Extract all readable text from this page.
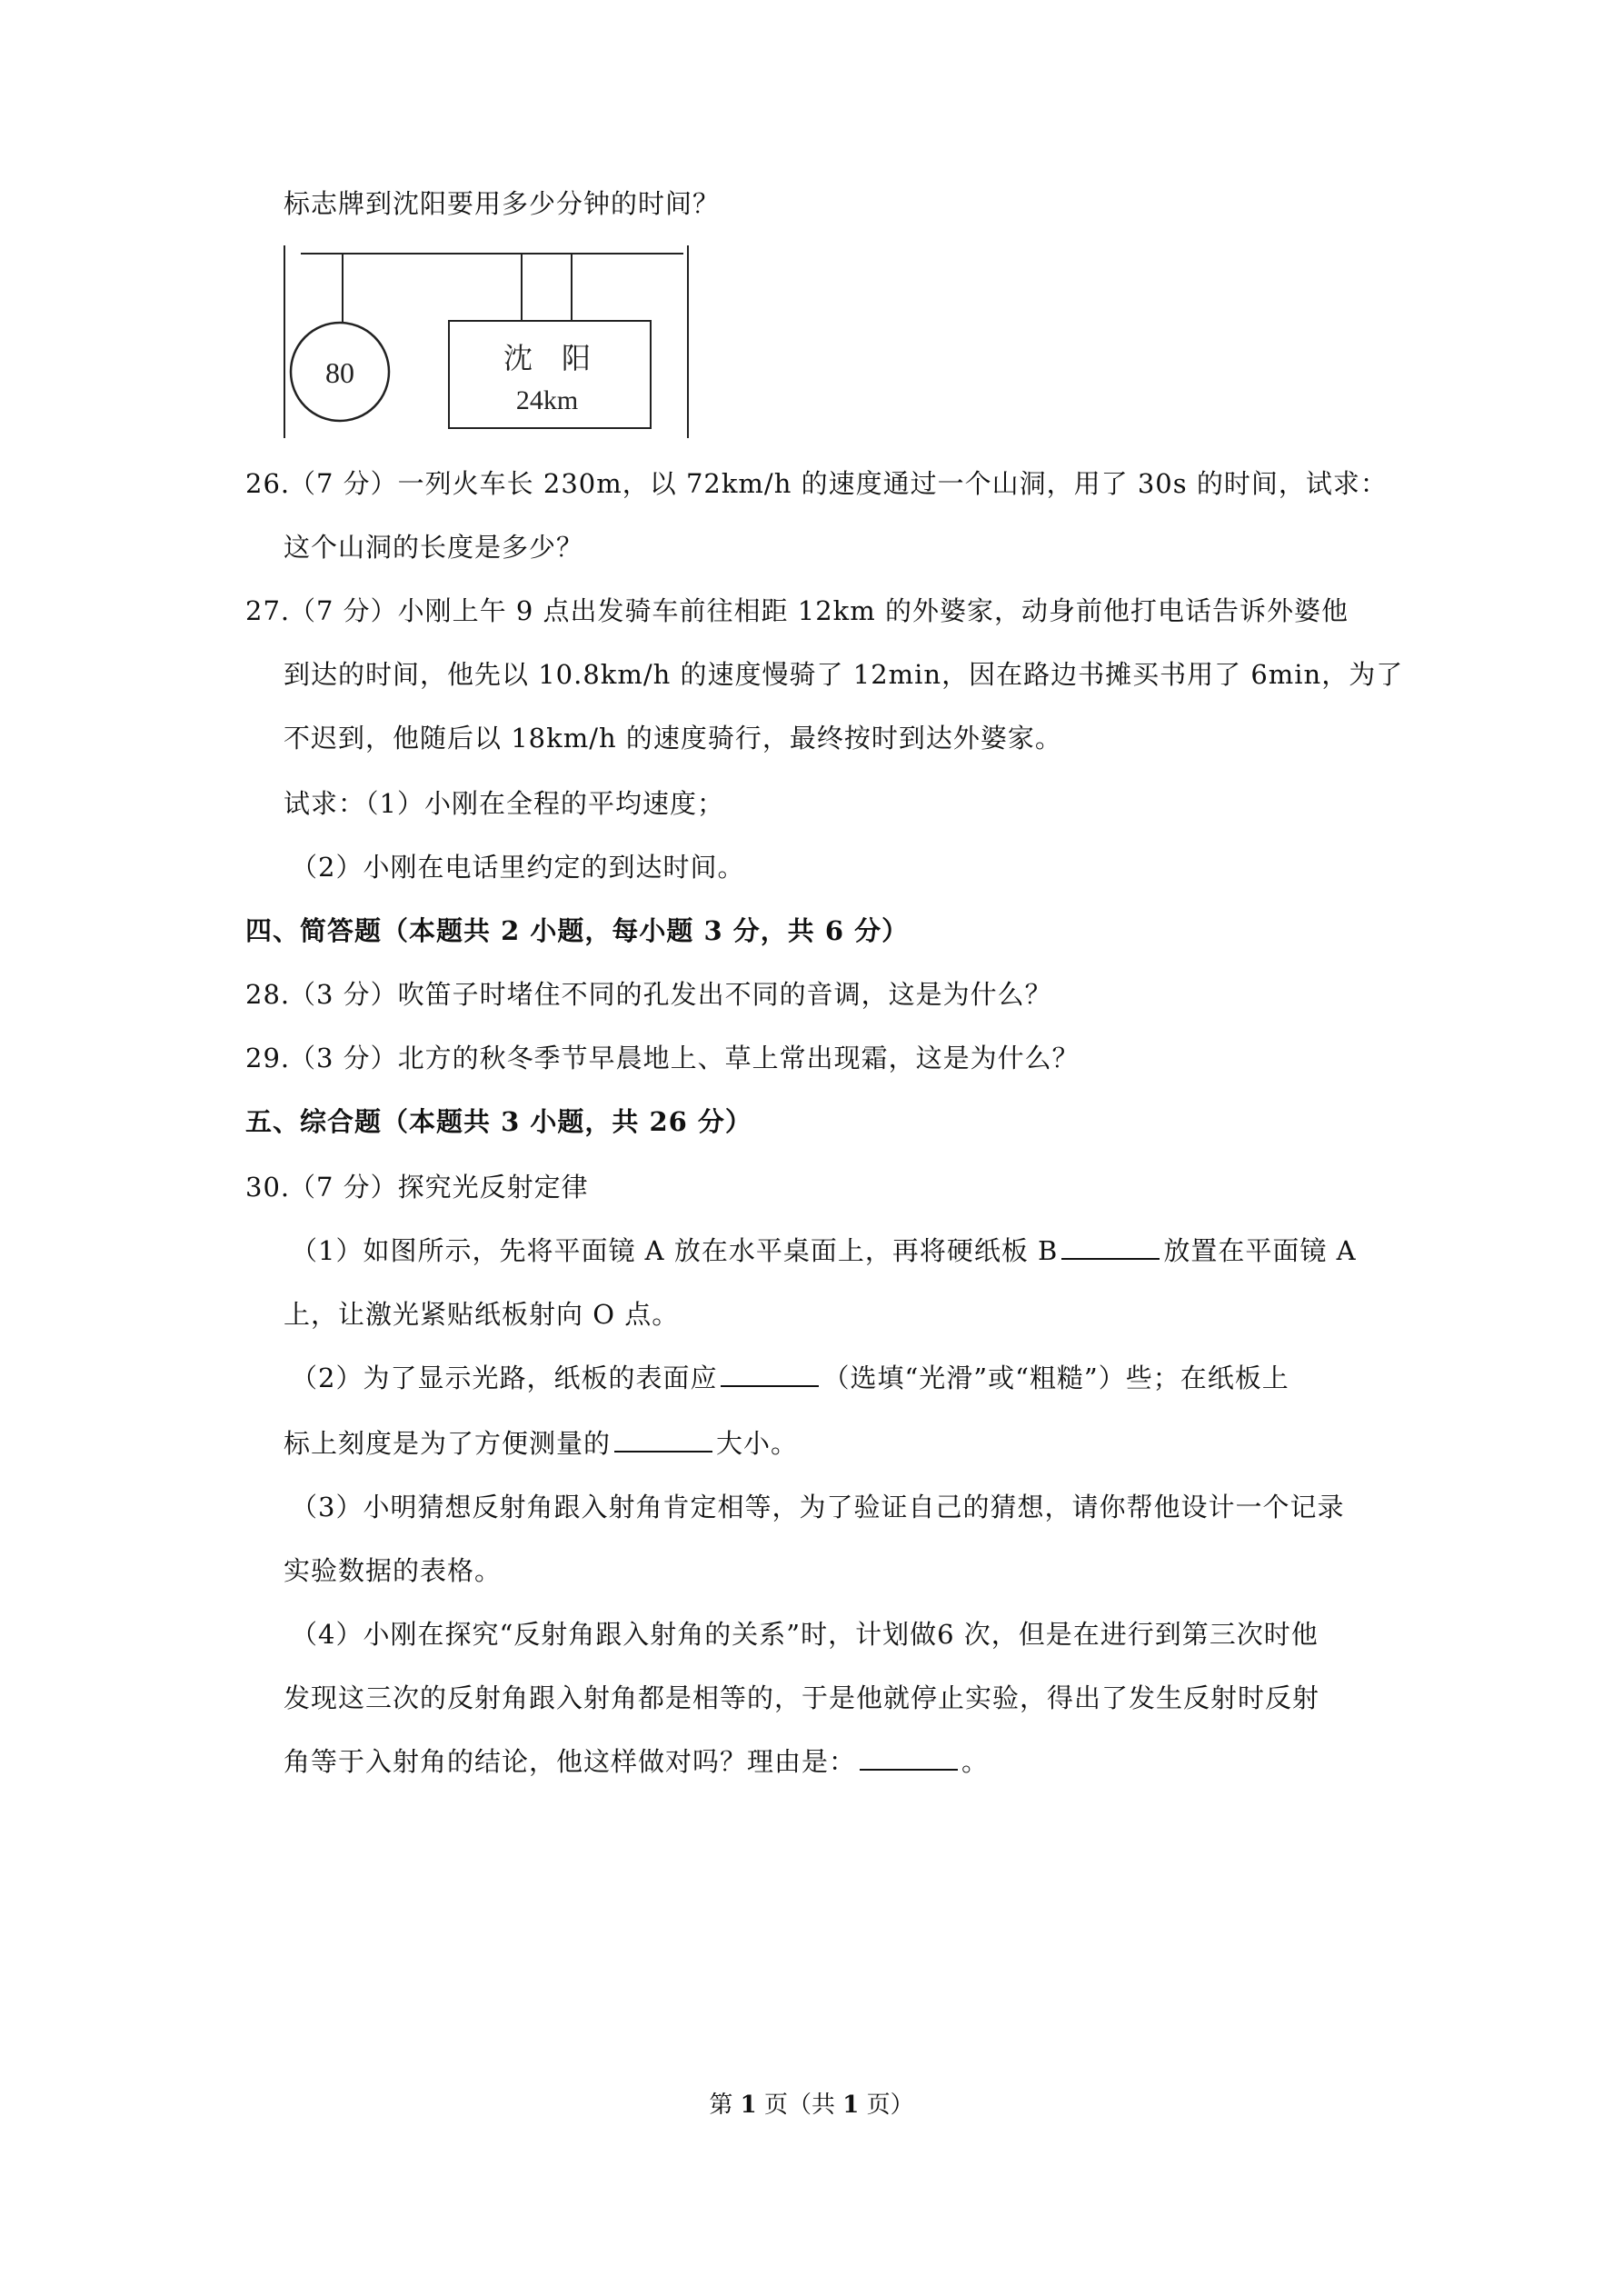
标志牌到沈阳要用多少分钟的时间？
80	沈　阳
24km
26.（7 分）一列火车长 230m，以 72km/h 的速度通过一个山洞，用了 30s 的时间，试求：
这个山洞的长度是多少？
27.（7 分）小刚上午 9 点出发骑车前往相距 12km 的外婆家，动身前他打电话告诉外婆他
到达的时间，他先以 10.8km/h 的速度慢骑了 12min，因在路边书摊买书用了 6min，为了
不迟到，他随后以 18km/h 的速度骑行，最终按时到达外婆家。
试求：（1）小刚在全程的平均速度；
（2）小刚在电话里约定的到达时间。
四、简答题（本题共 2 小题，每小题 3 分，共 6 分）
28.（3 分）吹笛子时堵住不同的孔发出不同的音调，这是为什么？
29.（3 分）北方的秋冬季节早晨地上、草上常出现霜，这是为什么？
五、综合题（本题共 3 小题，共 26 分）
30.（7 分）探究光反射定律
（1）如图所示，先将平面镜 A 放在水平桌面上，再将硬纸板 B	放置在平面镜 A
上，让激光紧贴纸板射向 O 点。
（2）为了显示光路，纸板的表面应	（选填“光滑”或“粗糙”）些；在纸板上
标上刻度是为了方便测量的	大小。
（3）小明猜想反射角跟入射角肯定相等，为了验证自己的猜想，请你帮他设计一个记录
实验数据的表格。
（4）小刚在探究“反射角跟入射角的关系”时，计划做6 次，但是在进行到第三次时他
发现这三次的反射角跟入射角都是相等的，于是他就停止实验，得出了发生反射时反射
角等于入射角的结论，他这样做对吗？理由是：	。
第 1 页（共 1 页）
